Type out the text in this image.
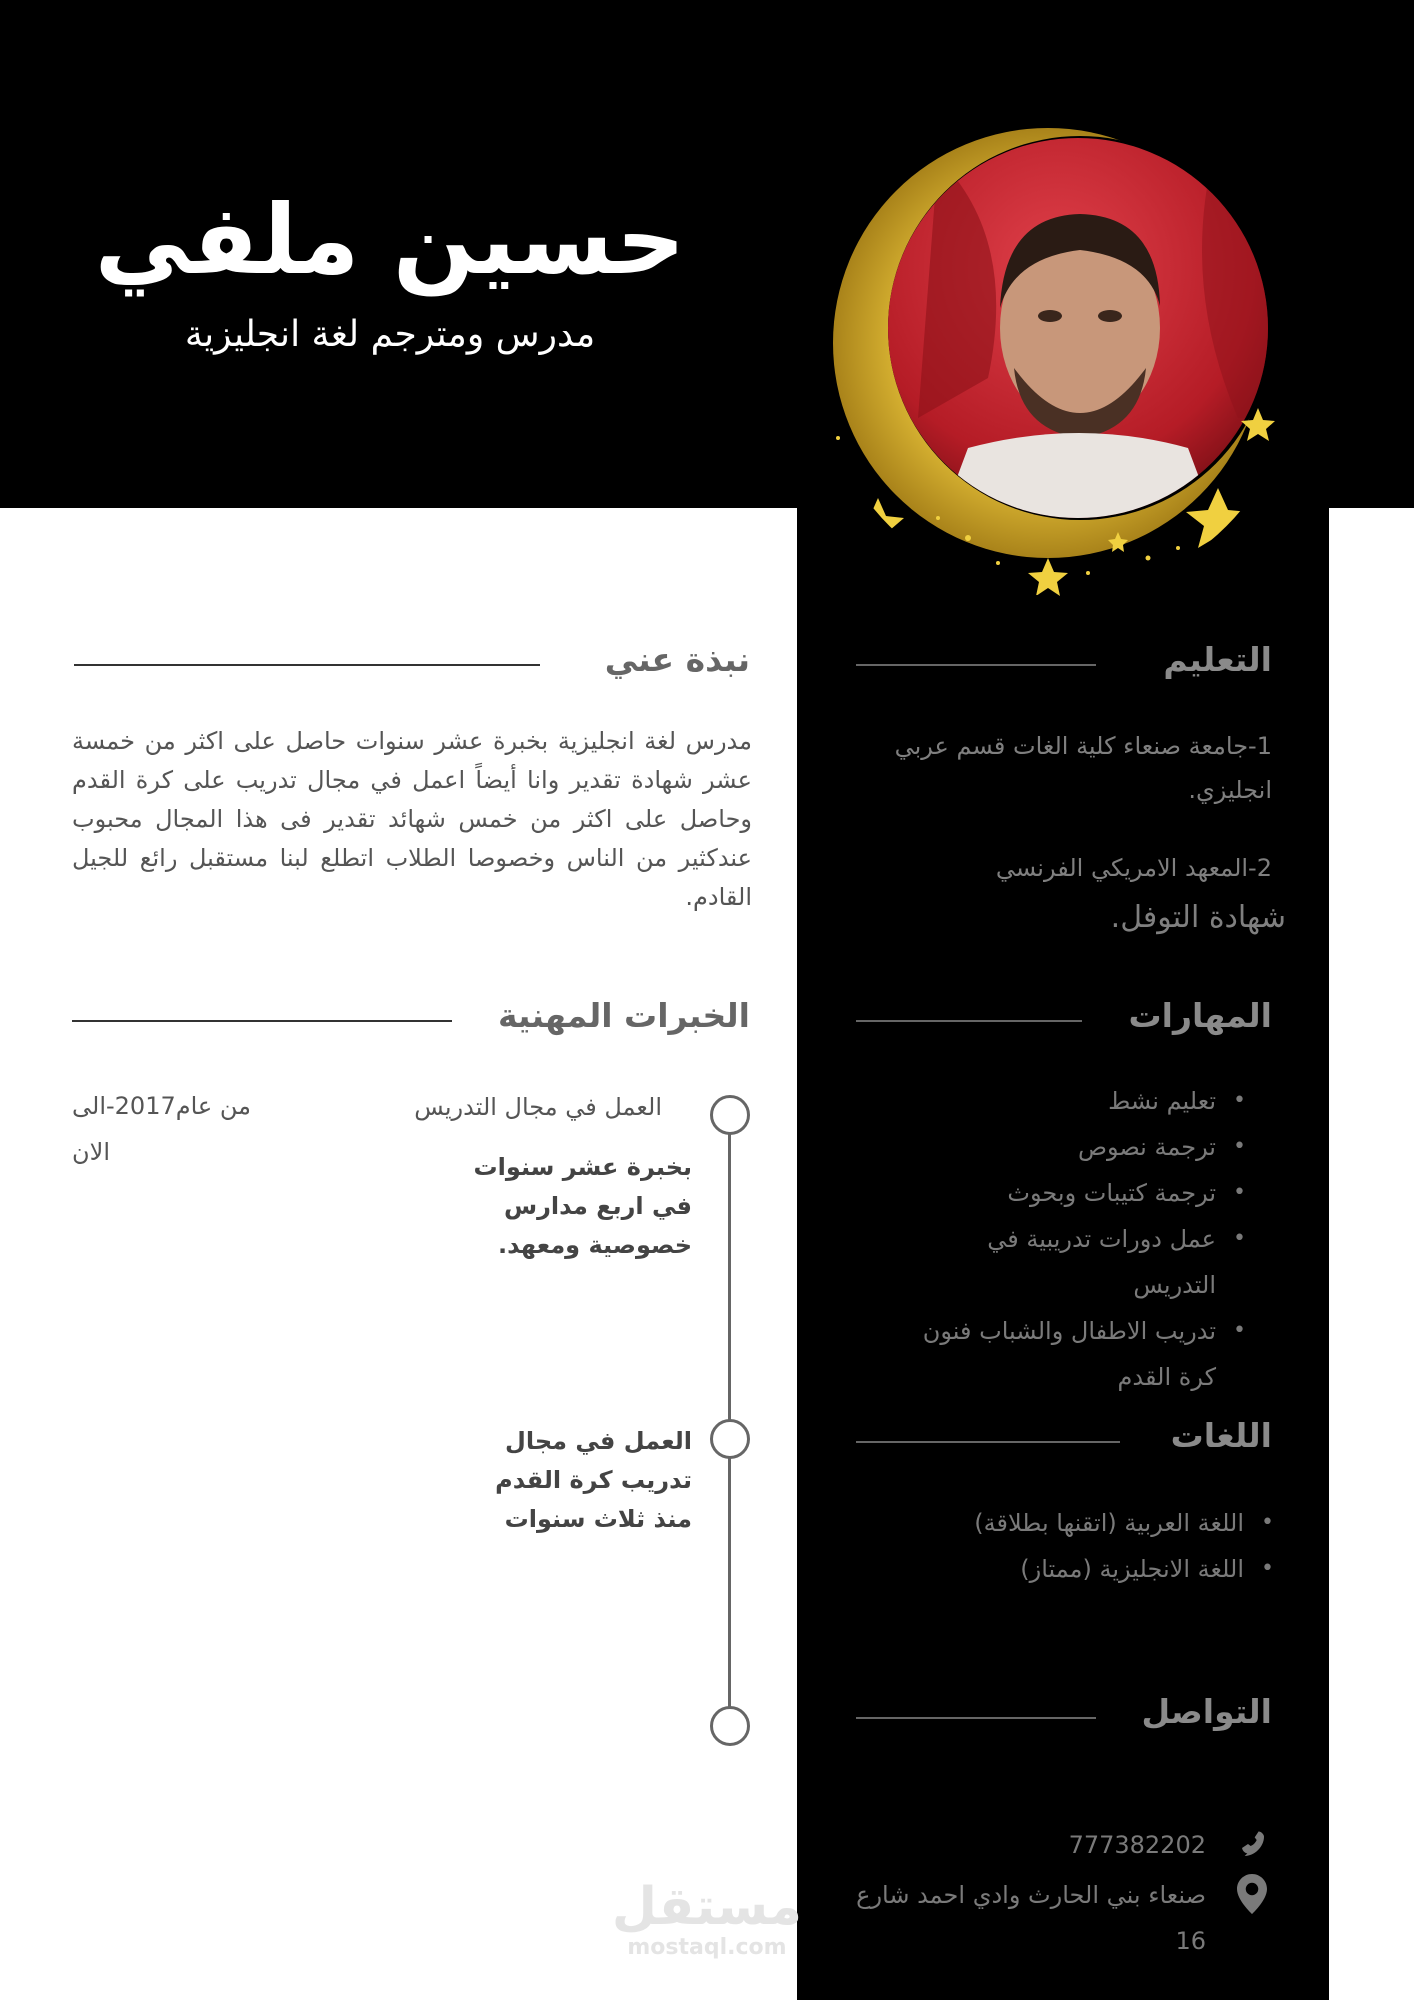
حسين ملفي
مدرس ومترجم لغة انجليزية
نبذة عني
مدرس لغة انجليزية بخبرة عشر سنوات حاصل على اكثر من خمسة عشر شهادة تقدير وانا أيضاً اعمل في مجال تدريب على كرة القدم وحاصل على اكثر من خمس شهائد تقدير فى هذا المجال محبوب عندكثير من الناس وخصوصا الطلاب اتطلع لبنا مستقبل رائع للجيل القادم.
الخبرات المهنية
العمل في مجال التدريس
بخبرة عشر سنوات في اربع مدارس خصوصية ومعهد.
من عام2017-الى الان
العمل في مجال تدريب كرة القدم منذ ثلاث سنوات
التعليم
1-جامعة صنعاء كلية الغات قسم عربي انجليزي.
2-المعهد الامريكي الفرنسي
شهادة التوفل.
المهارات
• تعليم نشط
• ترجمة نصوص
• ترجمة كتيبات وبحوث
• عمل دورات تدريبية في التدريس
• تدريب الاطفال والشباب فنون كرة القدم
اللغات
• اللغة العربية (اتقنها بطلاقة)
• اللغة الانجليزية (ممتاز)
التواصل
777382202
صنعاء بني الحارث وادي احمد شارع 16
مستقل
mostaql.com
